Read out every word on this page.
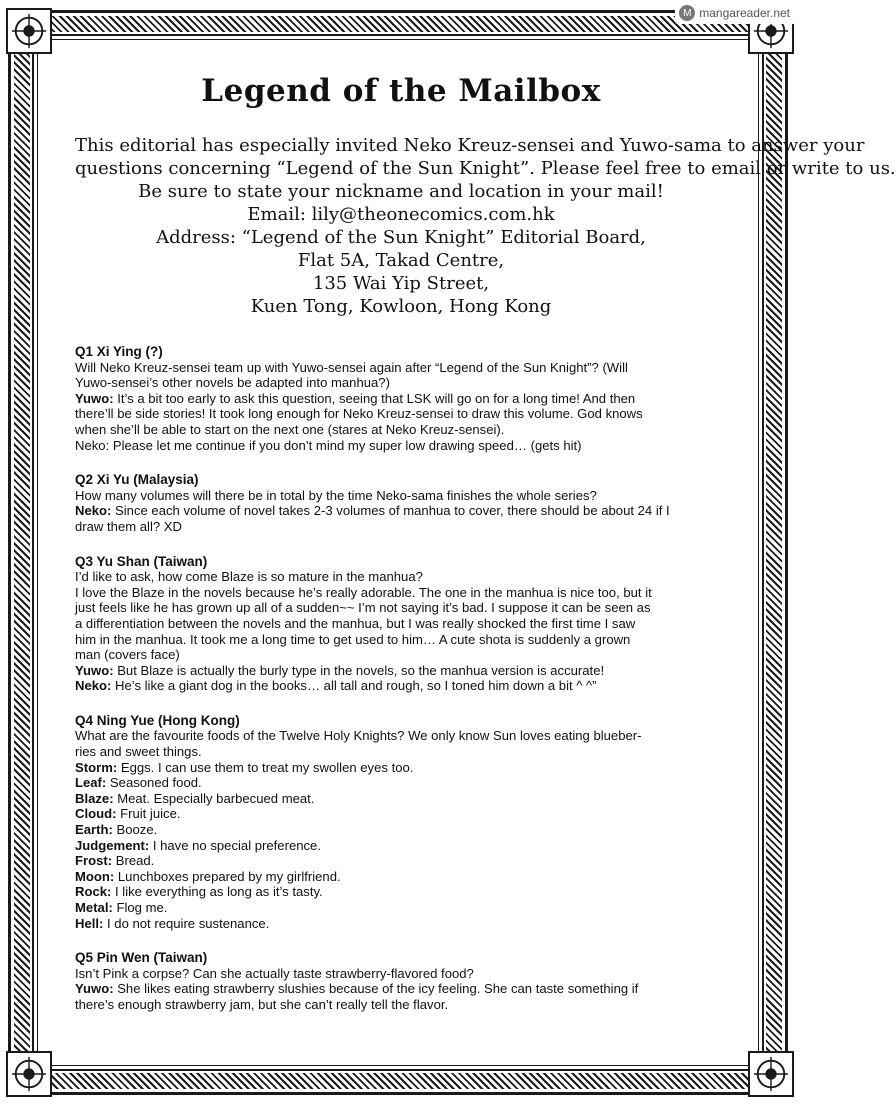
M mangareader.net
Legend of the Mailbox
This editorial has especially invited Neko Kreuz-sensei and Yuwo-sama to answer your
questions concerning “Legend of the Sun Knight”. Please feel free to email or write to us.
Be sure to state your nickname and location in your mail!
Email: lily@theonecomics.com.hk
Address: “Legend of the Sun Knight” Editorial Board,
Flat 5A, Takad Centre,
135 Wai Yip Street,
Kuen Tong, Kowloon, Hong Kong
Q1 Xi Ying (?)
Will Neko Kreuz-sensei team up with Yuwo-sensei again after “Legend of the Sun Knight”? (Will
Yuwo-sensei’s other novels be adapted into manhua?)
Yuwo: It’s a bit too early to ask this question, seeing that LSK will go on for a long time! And then
there’ll be side stories! It took long enough for Neko Kreuz-sensei to draw this volume. God knows
when she’ll be able to start on the next one (stares at Neko Kreuz-sensei).
Neko: Please let me continue if you don’t mind my super low drawing speed… (gets hit)
Q2 Xi Yu (Malaysia)
How many volumes will there be in total by the time Neko-sama finishes the whole series?
Neko: Since each volume of novel takes 2-3 volumes of manhua to cover, there should be about 24 if I
draw them all? XD
Q3 Yu Shan (Taiwan)
I’d like to ask, how come Blaze is so mature in the manhua?
I love the Blaze in the novels because he’s really adorable. The one in the manhua is nice too, but it
just feels like he has grown up all of a sudden~~ I’m not saying it’s bad. I suppose it can be seen as
a differentiation between the novels and the manhua, but I was really shocked the first time I saw
him in the manhua. It took me a long time to get used to him… A cute shota is suddenly a grown
man (covers face)
Yuwo: But Blaze is actually the burly type in the novels, so the manhua version is accurate!
Neko: He’s like a giant dog in the books… all tall and rough, so I toned him down a bit ^ ^”
Q4 Ning Yue (Hong Kong)
What are the favourite foods of the Twelve Holy Knights? We only know Sun loves eating blueber-
ries and sweet things.
Storm: Eggs. I can use them to treat my swollen eyes too.
Leaf: Seasoned food.
Blaze: Meat. Especially barbecued meat.
Cloud: Fruit juice.
Earth: Booze.
Judgement: I have no special preference.
Frost: Bread.
Moon: Lunchboxes prepared by my girlfriend.
Rock: I like everything as long as it’s tasty.
Metal: Flog me.
Hell: I do not require sustenance.
Q5 Pin Wen (Taiwan)
Isn’t Pink a corpse? Can she actually taste strawberry-flavored food?
Yuwo: She likes eating strawberry slushies because of the icy feeling. She can taste something if
there’s enough strawberry jam, but she can’t really tell the flavor.
